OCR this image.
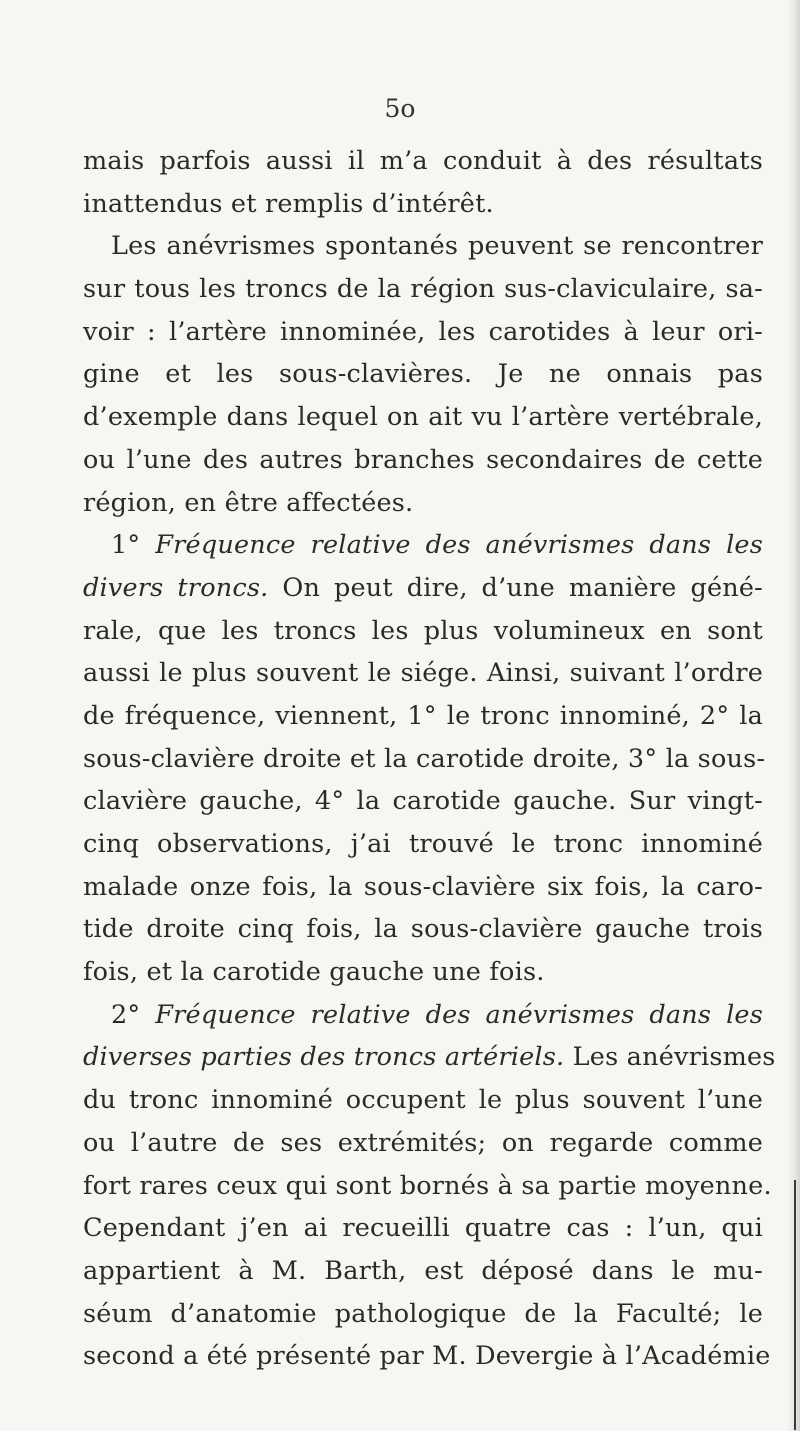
5o
mais parfois aussi il m’a conduit à des résultats
inattendus et remplis d’intérêt.
Les anévrismes spontanés peuvent se rencontrer
sur tous les troncs de la région sus-claviculaire, sa-
voir : l’artère innominée, les carotides à leur ori-
gine et les sous-clavières. Je ne onnais pas
d’exemple dans lequel on ait vu l’artère vertébrale,
ou l’une des autres branches secondaires de cette
région, en être affectées.
1° Fréquence relative des anévrismes dans les
divers troncs. On peut dire, d’une manière géné-
rale, que les troncs les plus volumineux en sont
aussi le plus souvent le siége. Ainsi, suivant l’ordre
de fréquence, viennent, 1° le tronc innominé, 2° la
sous-clavière droite et la carotide droite, 3° la sous-
clavière gauche, 4° la carotide gauche. Sur vingt-
cinq observations, j’ai trouvé le tronc innominé
malade onze fois, la sous-clavière six fois, la caro-
tide droite cinq fois, la sous-clavière gauche trois
fois, et la carotide gauche une fois.
2° Fréquence relative des anévrismes dans les
diverses parties des troncs artériels. Les anévrismes
du tronc innominé occupent le plus souvent l’une
ou l’autre de ses extrémités; on regarde comme
fort rares ceux qui sont bornés à sa partie moyenne.
Cependant j’en ai recueilli quatre cas : l’un, qui
appartient à M. Barth, est déposé dans le mu-
séum d’anatomie pathologique de la Faculté; le
second a été présenté par M. Devergie à l’Académie
